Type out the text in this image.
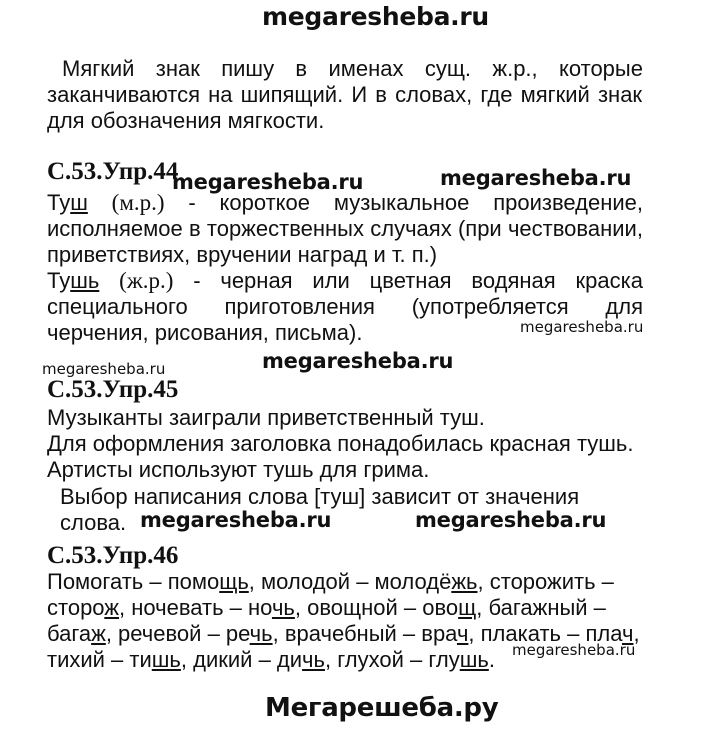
megaresheba.ru
Мягкий знак пишу в именах сущ. ж.р., которые
заканчиваются на шипящий. И в словах, где мягкий знак
для обозначения мягкости.
С.53.Упр.44
megaresheba.ru	megaresheba.ru
Туш (м.р.) - короткое музыкальное произведение,
исполняемое в торжественных случаях (при чествовании,
приветствиях, вручении наград и т. п.)
Тушь (ж.р.) - черная или цветная водяная краска
специального приготовления (употребляется для
черчения, рисования, письма).	megaresheba.ru
megaresheba.ru	megaresheba.ru
С.53.Упр.45
Музыканты заиграли приветственный туш.
Для оформления заголовка понадобилась красная тушь.
Артисты используют тушь для грима.
Выбор написания слова [туш] зависит от значения слова. megaresheba.ru	megaresheba.ru
С.53.Упр.46
Помогать – помощь, молодой – молодёжь, сторожить –
сторож, ночевать – ночь, овощной – овощ, багажный –
багаж, речевой – речь, врачебный – врач, плакать – плач,
тихий – тишь, дикий – дичь, глухой – глушь.	megaresheba.ru
Мегарешеба.ру
